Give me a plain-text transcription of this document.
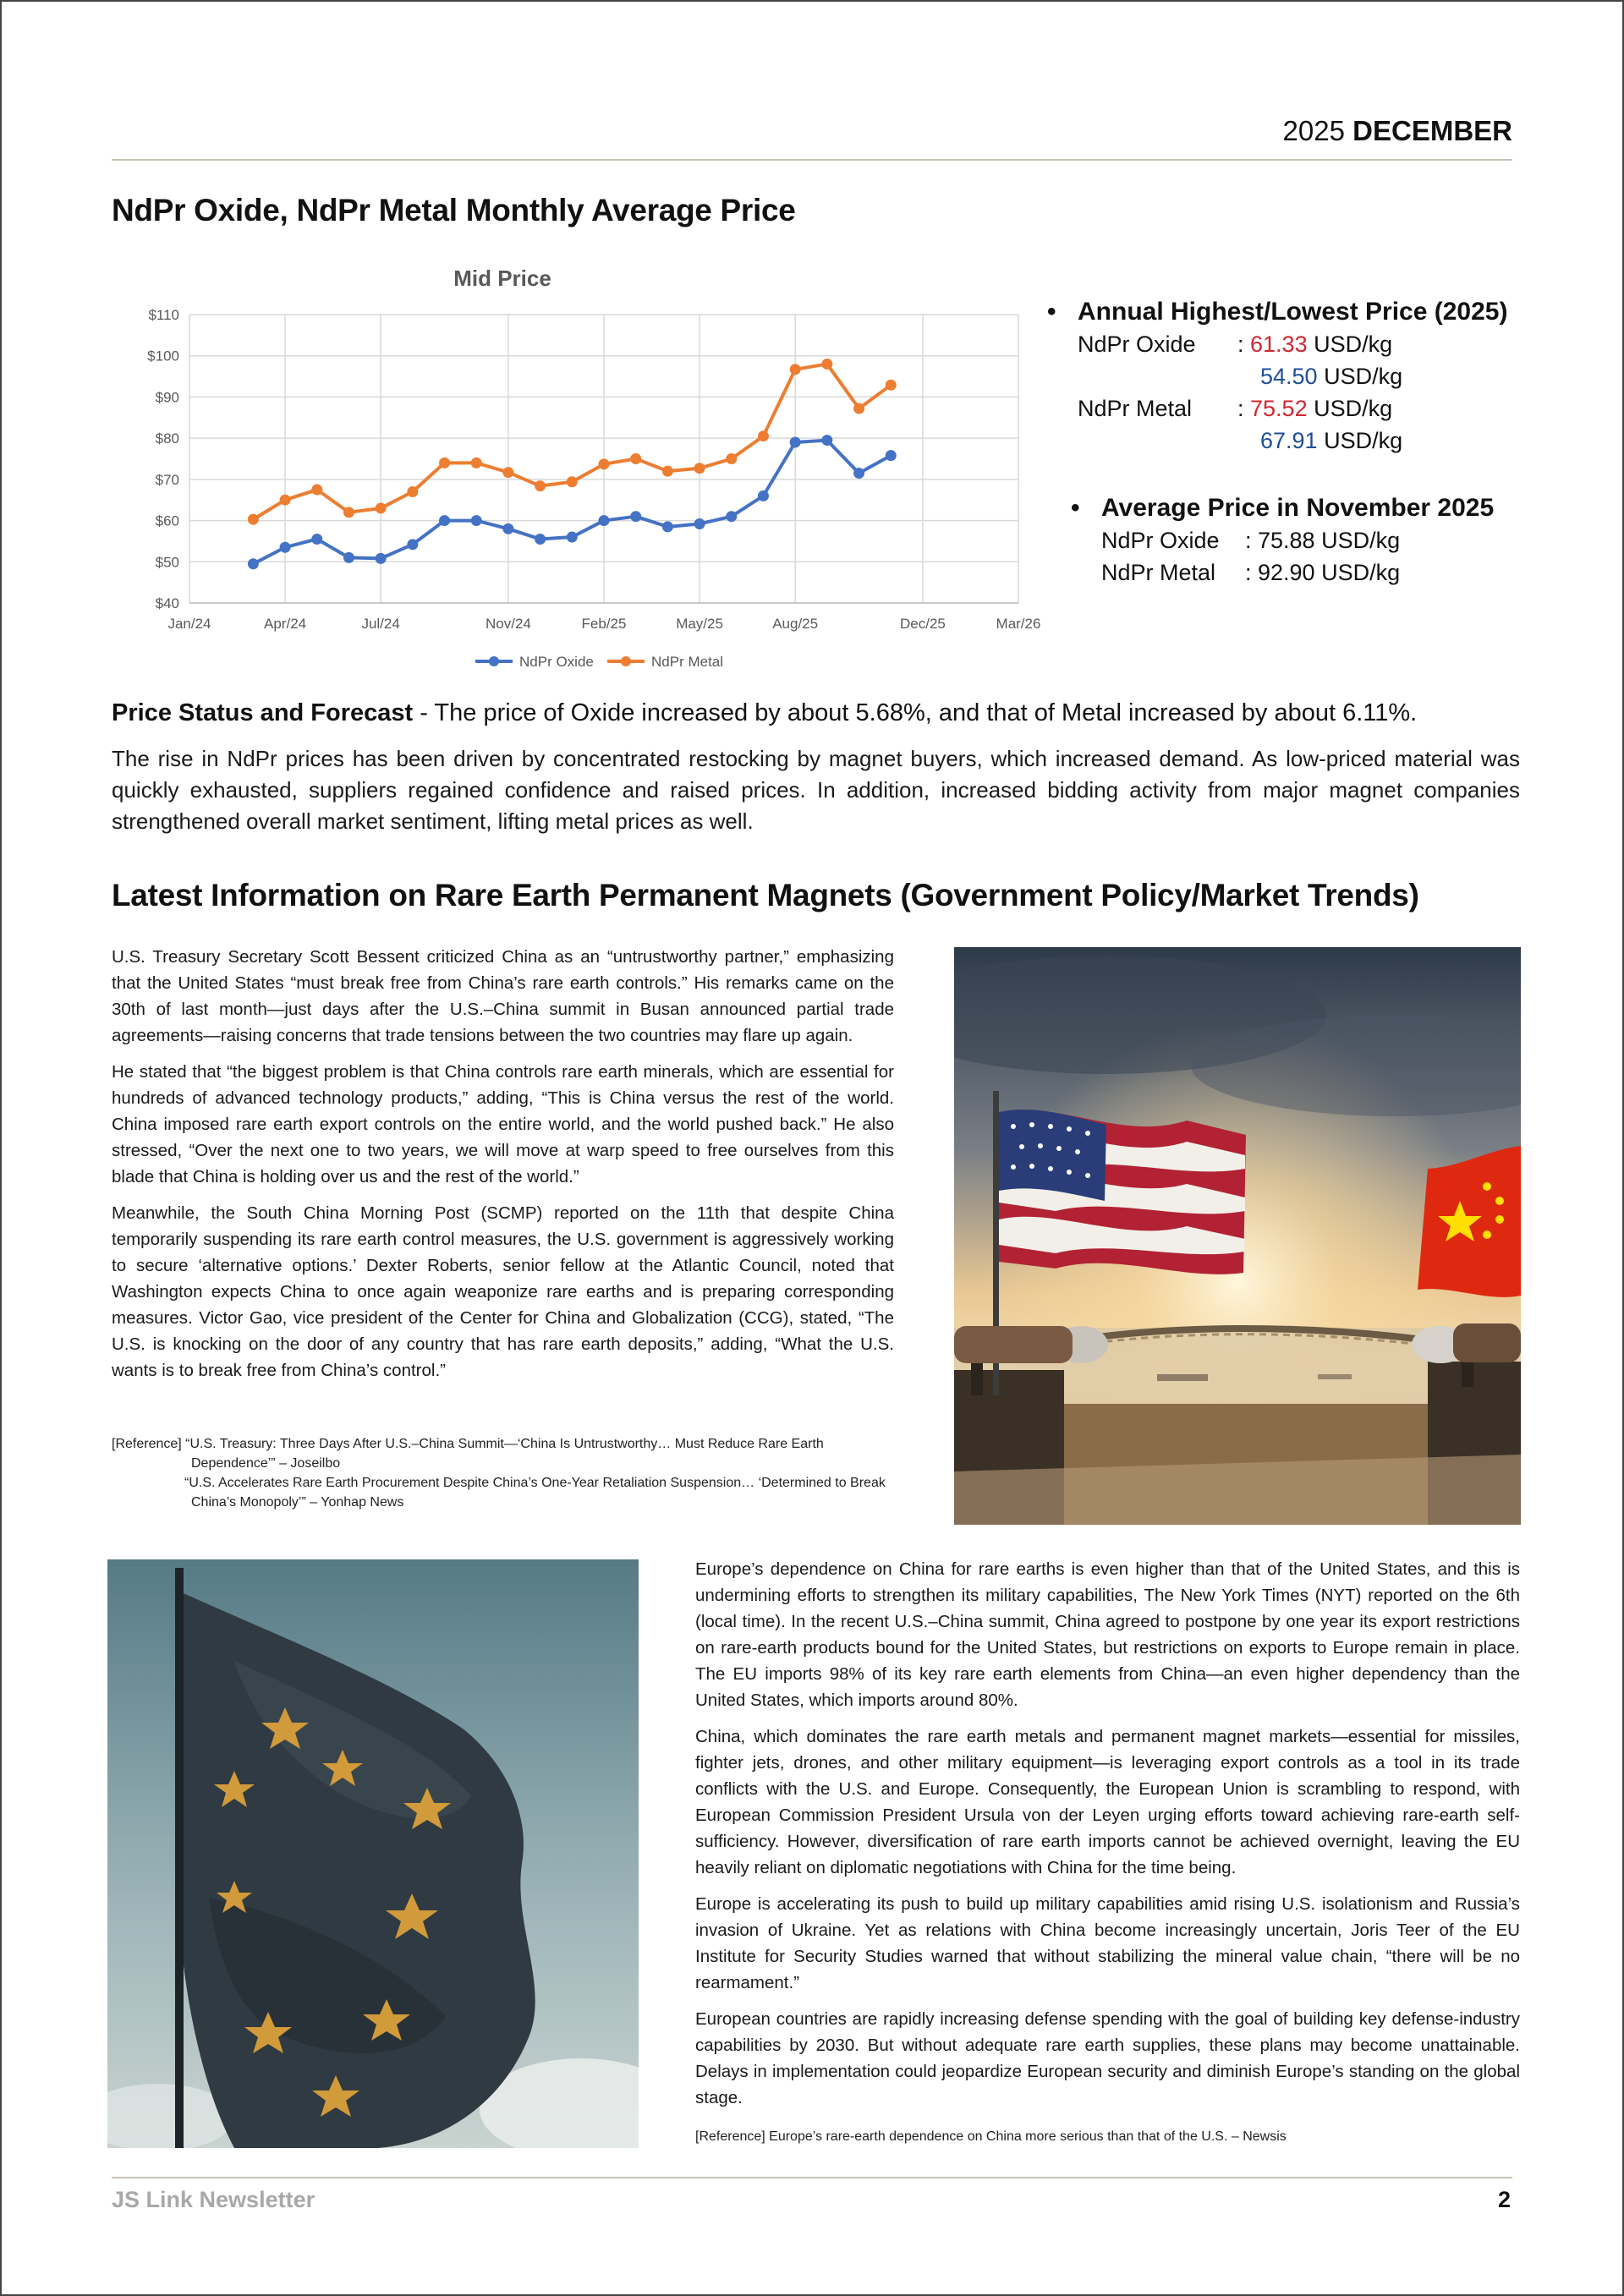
2025 DECEMBER
NdPr Oxide, NdPr Metal Monthly Average Price
Mid Price
$40
$50
$60
$70
$80
$90
$100
$110
Jan/24	Apr/24	Jul/24	Nov/24	Feb/25	May/25	Aug/25	Dec/25	Mar/26
NdPr Oxide	NdPr Metal
• Annual Highest/Lowest Price (2025)
NdPr Oxide : 61.33 USD/kg
54.50 USD/kg
NdPr Metal : 75.52 USD/kg
67.91 USD/kg
• Average Price in November 2025
NdPr Oxide : 75.88 USD/kg
NdPr Metal : 92.90 USD/kg
Price Status and Forecast - The price of Oxide increased by about 5.68%, and that of Metal increased by about 6.11%.
The rise in NdPr prices has been driven by concentrated restocking by magnet buyers, which increased demand. As low-priced material was quickly exhausted, suppliers regained confidence and raised prices. In addition, increased bidding activity from major magnet companies strengthened overall market sentiment, lifting metal prices as well.
Latest Information on Rare Earth Permanent Magnets (Government Policy/Market Trends)

U.S. Treasury Secretary Scott Bessent criticized China as an “untrustworthy partner,” emphasizing that the United States “must break free from China’s rare earth controls.” His remarks came on the 30th of last month—just days after the U.S.–China summit in Busan announced partial trade agreements—raising concerns that trade tensions between the two countries may flare up again.

He stated that “the biggest problem is that China controls rare earth minerals, which are essential for hundreds of advanced technology products,” adding, “This is China versus the rest of the world. China imposed rare earth export controls on the entire world, and the world pushed back.” He also stressed, “Over the next one to two years, we will move at warp speed to free ourselves from this blade that China is holding over us and the rest of the world.”

Meanwhile, the South China Morning Post (SCMP) reported on the 11th that despite China temporarily suspending its rare earth control measures, the U.S. government is aggressively working to secure ‘alternative options.’ Dexter Roberts, senior fellow at the Atlantic Council, noted that Washington expects China to once again weaponize rare earths and is preparing corresponding measures. Victor Gao, vice president of the Center for China and Globalization (CCG), stated, “The U.S. is knocking on the door of any country that has rare earth deposits,” adding, “What the U.S. wants is to break free from China’s control.”

[Reference] “U.S. Treasury: Three Days After U.S.–China Summit—‘China Is Untrustworthy… Must Reduce Rare Earth
Dependence’” – Joseilbo
“U.S. Accelerates Rare Earth Procurement Despite China’s One-Year Retaliation Suspension… ‘Determined to Break
China’s Monopoly’” – Yonhap News

Europe’s dependence on China for rare earths is even higher than that of the United States, and this is undermining efforts to strengthen its military capabilities, The New York Times (NYT) reported on the 6th (local time). In the recent U.S.–China summit, China agreed to postpone by one year its export restrictions on rare-earth products bound for the United States, but restrictions on exports to Europe remain in place. The EU imports 98% of its key rare earth elements from China—an even higher dependency than the United States, which imports around 80%.

China, which dominates the rare earth metals and permanent magnet markets—essential for missiles, fighter jets, drones, and other military equipment—is leveraging export controls as a tool in its trade conflicts with the U.S. and Europe. Consequently, the European Union is scrambling to respond, with European Commission President Ursula von der Leyen urging efforts toward achieving rare-earth self-sufficiency. However, diversification of rare earth imports cannot be achieved overnight, leaving the EU heavily reliant on diplomatic negotiations with China for the time being.

Europe is accelerating its push to build up military capabilities amid rising U.S. isolationism and Russia’s invasion of Ukraine. Yet as relations with China become increasingly uncertain, Joris Teer of the EU Institute for Security Studies warned that without stabilizing the mineral value chain, “there will be no rearmament.”

European countries are rapidly increasing defense spending with the goal of building key defense-industry capabilities by 2030. But without adequate rare earth supplies, these plans may become unattainable. Delays in implementation could jeopardize European security and diminish Europe’s standing on the global stage.

[Reference] Europe’s rare-earth dependence on China more serious than that of the U.S. – Newsis
JS Link Newsletter	2
